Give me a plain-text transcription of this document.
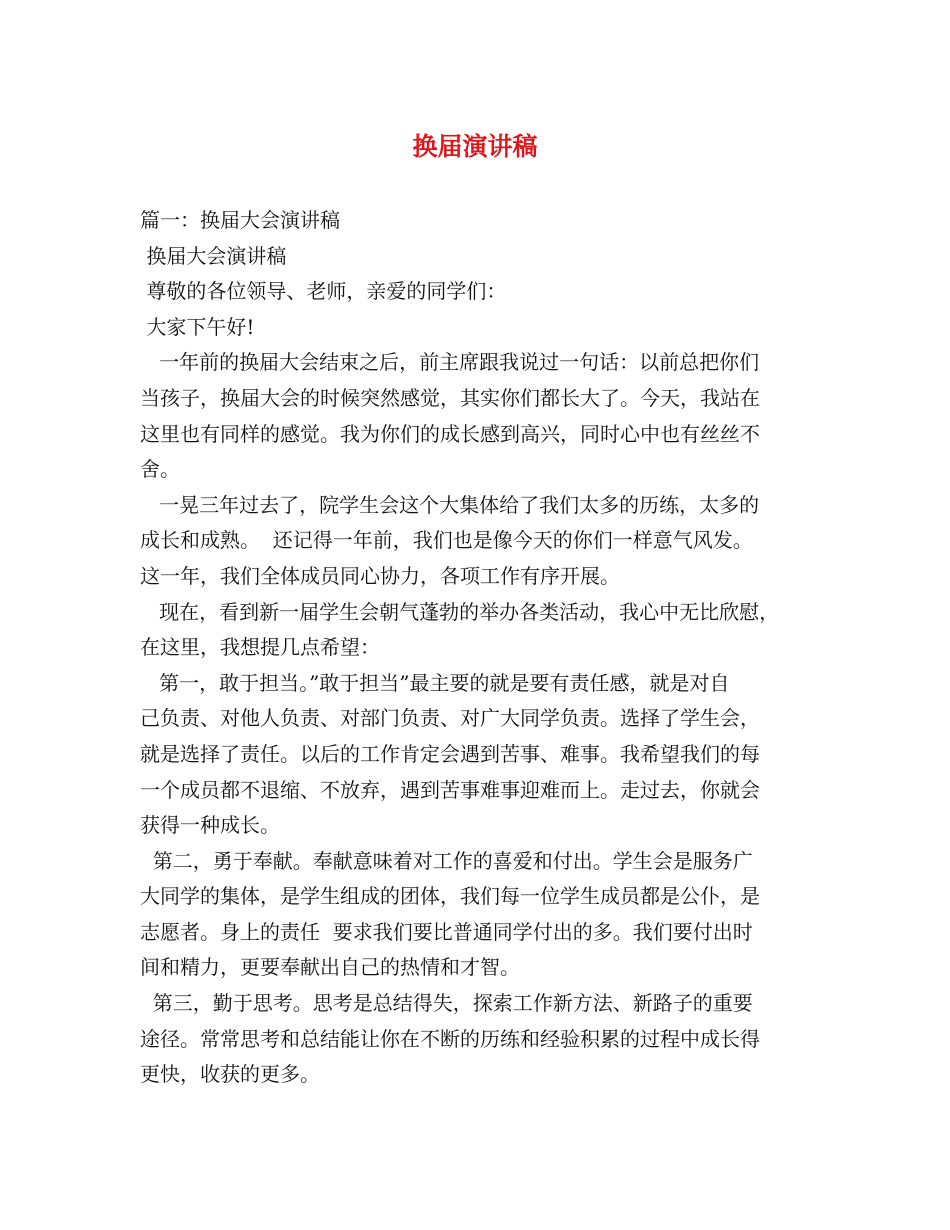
换届演讲稿

篇一：换届大会演讲稿

换届大会演讲稿

尊敬的各位领导、老师，亲爱的同学们：

大家下午好!

一年前的换届大会结束之后，前主席跟我说过一句话：以前总把你们

当孩子，换届大会的时候突然感觉，其实你们都长大了。今天，我站在

这里也有同样的感觉。我为你们的成长感到高兴，同时心中也有丝丝不

舍。

一晃三年过去了，院学生会这个大集体给了我们太多的历练，太多的

成长和成熟。  还记得一年前，我们也是像今天的你们一样意气风发。

这一年，我们全体成员同心协力，各项工作有序开展。

现在，看到新一届学生会朝气蓬勃的举办各类活动，我心中无比欣慰，

在这里，我想提几点希望：

第一，敢于担当。”敢于担当”最主要的就是要有责任感，就是对自

己负责、对他人负责、对部门负责、对广大同学负责。选择了学生会，

就是选择了责任。以后的工作肯定会遇到苦事、难事。我希望我们的每

一个成员都不退缩、不放弃，遇到苦事难事迎难而上。走过去，你就会

获得一种成长。

第二，勇于奉献。奉献意味着对工作的喜爱和付出。学生会是服务广

大同学的集体，是学生组成的团体，我们每一位学生成员都是公仆，是

志愿者。身上的责任  要求我们要比普通同学付出的多。我们要付出时

间和精力，更要奉献出自己的热情和才智。

第三，勤于思考。思考是总结得失，探索工作新方法、新路子的重要

途径。常常思考和总结能让你在不断的历练和经验积累的过程中成长得

更快，收获的更多。
